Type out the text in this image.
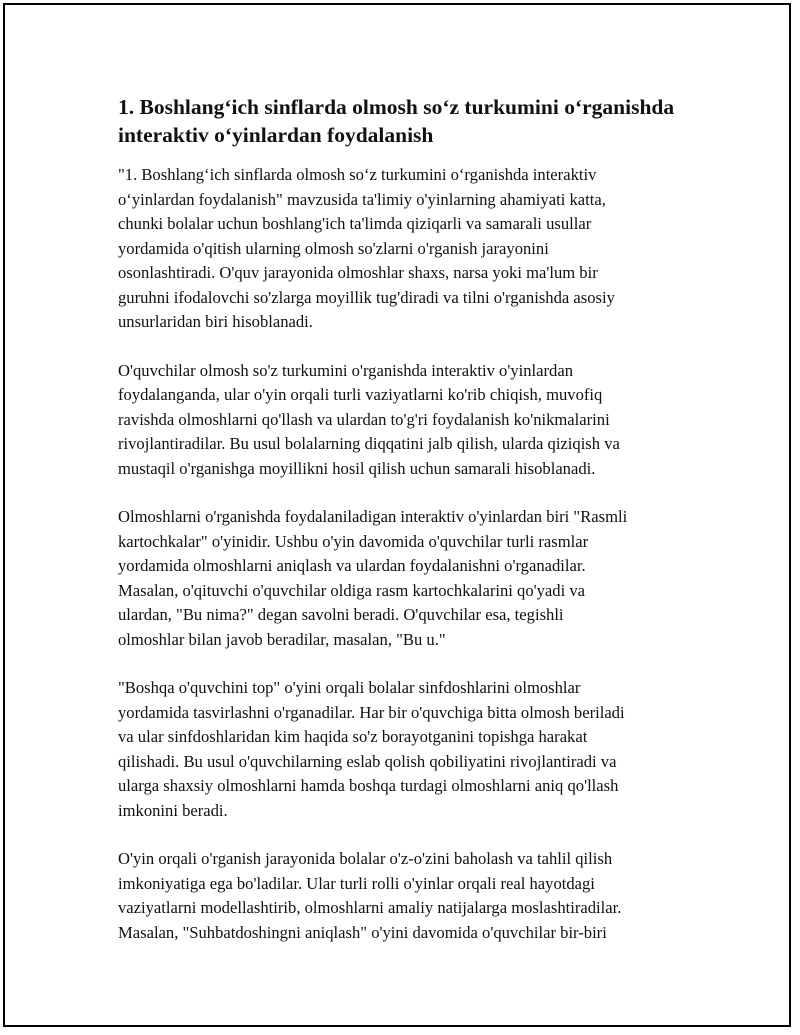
1. Boshlang‘ich sinflarda olmosh so‘z turkumini o‘rganishda
interaktiv o‘yinlardan foydalanish

"1. Boshlang‘ich sinflarda olmosh so‘z turkumini o‘rganishda interaktiv
o‘yinlardan foydalanish" mavzusida ta'limiy o'yinlarning ahamiyati katta,
chunki bolalar uchun boshlang'ich ta'limda qiziqarli va samarali usullar
yordamida o'qitish ularning olmosh so'zlarni o'rganish jarayonini
osonlashtiradi. O'quv jarayonida olmoshlar shaxs, narsa yoki ma'lum bir
guruhni ifodalovchi so'zlarga moyillik tug'diradi va tilni o'rganishda asosiy
unsurlaridan biri hisoblanadi.

O'quvchilar olmosh so'z turkumini o'rganishda interaktiv o'yinlardan
foydalanganda, ular o'yin orqali turli vaziyatlarni ko'rib chiqish, muvofiq
ravishda olmoshlarni qo'llash va ulardan to'g'ri foydalanish ko'nikmalarini
rivojlantiradilar. Bu usul bolalarning diqqatini jalb qilish, ularda qiziqish va
mustaqil o'rganishga moyillikni hosil qilish uchun samarali hisoblanadi.

Olmoshlarni o'rganishda foydalaniladigan interaktiv o'yinlardan biri "Rasmli
kartochkalar" o'yinidir. Ushbu o'yin davomida o'quvchilar turli rasmlar
yordamida olmoshlarni aniqlash va ulardan foydalanishni o'rganadilar.
Masalan, o'qituvchi o'quvchilar oldiga rasm kartochkalarini qo'yadi va
ulardan, "Bu nima?" degan savolni beradi. O'quvchilar esa, tegishli
olmoshlar bilan javob beradilar, masalan, "Bu u."

"Boshqa o'quvchini top" o'yini orqali bolalar sinfdoshlarini olmoshlar
yordamida tasvirlashni o'rganadilar. Har bir o'quvchiga bitta olmosh beriladi
va ular sinfdoshlaridan kim haqida so'z borayotganini topishga harakat
qilishadi. Bu usul o'quvchilarning eslab qolish qobiliyatini rivojlantiradi va
ularga shaxsiy olmoshlarni hamda boshqa turdagi olmoshlarni aniq qo'llash
imkonini beradi.

O'yin orqali o'rganish jarayonida bolalar o'z-o'zini baholash va tahlil qilish
imkoniyatiga ega bo'ladilar. Ular turli rolli o'yinlar orqali real hayotdagi
vaziyatlarni modellashtirib, olmoshlarni amaliy natijalarga moslashtiradilar.
Masalan, "Suhbatdoshingni aniqlash" o'yini davomida o'quvchilar bir-biri
